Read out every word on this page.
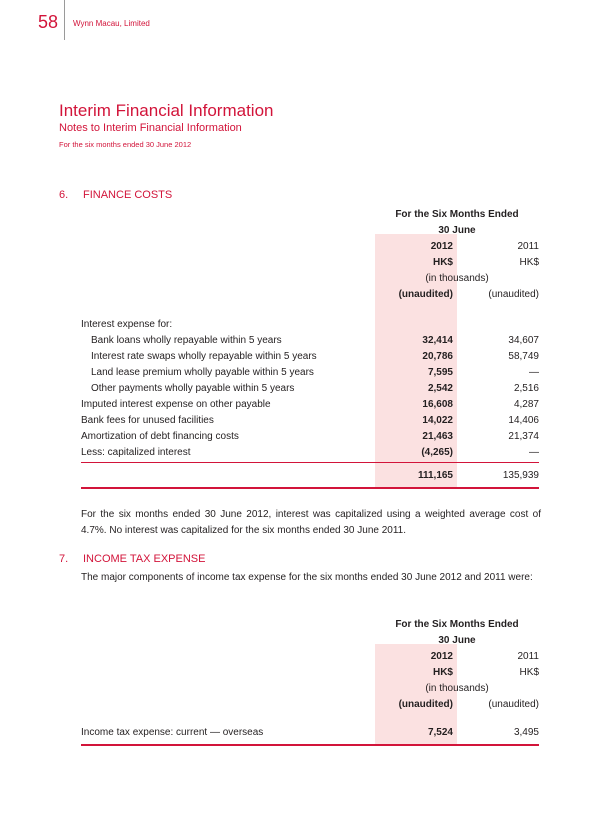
58 Wynn Macau, Limited
Interim Financial Information
Notes to Interim Financial Information
For the six months ended 30 June 2012
6. FINANCE COSTS
For the Six Months Ended
30 June
2012	2011
HK$	HK$
(in thousands)
(unaudited)	(unaudited)
Interest expense for:
Bank loans wholly repayable within 5 years	32,414	34,607
Interest rate swaps wholly repayable within 5 years	20,786	58,749
Land lease premium wholly payable within 5 years	7,595	—
Other payments wholly payable within 5 years	2,542	2,516
Imputed interest expense on other payable	16,608	4,287
Bank fees for unused facilities	14,022	14,406
Amortization of debt financing costs	21,463	21,374
Less: capitalized interest	(4,265)	—
111,165	135,939
For the six months ended 30 June 2012, interest was capitalized using a weighted average cost of 4.7%. No interest was capitalized for the six months ended 30 June 2011.
7. INCOME TAX EXPENSE
The major components of income tax expense for the six months ended 30 June 2012 and 2011 were:
For the Six Months Ended
30 June
2012	2011
HK$	HK$
(in thousands)
(unaudited)	(unaudited)
Income tax expense: current — overseas	7,524	3,495
